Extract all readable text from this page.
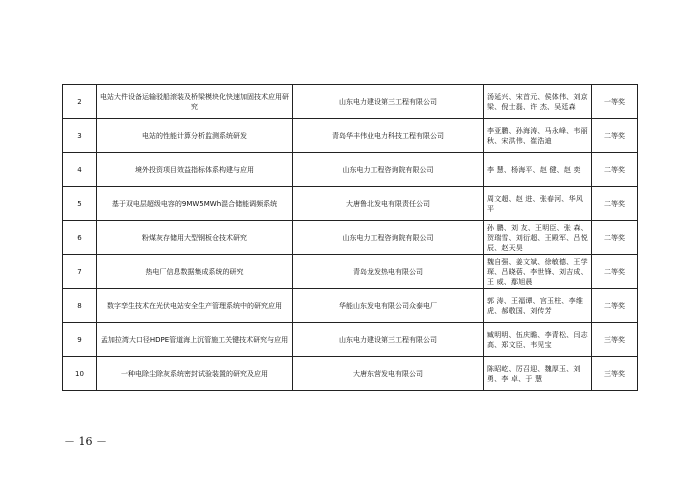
2	电站大件设备运输驳船滚装及桥梁模块化快速加固技术应用研究	山东电力建设第三工程有限公司	汤延兴、宋首元、侯体伟、刘京梁、倪士磊、许 杰、吴廷森	一等奖
3	电站的性能计算分析监测系统研发	青岛华丰伟业电力科技工程有限公司	李亚鹏、孙海涛、马永峰、韦丽秋、宋洪伟、崔浩迪	二等奖
4	境外投资项目效益指标体系构建与应用	山东电力工程咨询院有限公司	李 慧、杨海平、赵 健、赵 奕	二等奖
5	基于双电层超级电容的9MW5MWh混合储能调频系统	大唐鲁北发电有限责任公司	周文超、赵 进、张春河、华风平	二等奖
6	粉煤灰存储用大型钢板仓技术研究	山东电力工程咨询院有限公司	孙 鹏、刘 友、王明臣、张 森、贺瑞雪、刘衍超、王殿军、吕悦辰、赵天昊	二等奖
7	热电厂信息数据集成系统的研究	青岛龙发热电有限公司	魏自强、姜文斌、徐敏德、王学琛、吕晓蓓、李世锋、刘吉成、王 威、鄢旭晨	二等奖
8	数字孪生技术在光伏电站安全生产管理系统中的研究应用	华能山东发电有限公司众泰电厂	郭 涛、王福谭、宫玉柱、李维虎、郝敬国、刘传芳	二等奖
9	孟加拉湾大口径HDPE管道海上沉管施工关键技术研究与应用	山东电力建设第三工程有限公司	臧明明、伍庆瞻、李青松、闫志高、郑文臣、韦见宝	三等奖
10	一种电除尘除灰系统密封试验装置的研究及应用	大唐东营发电有限公司	陈昭屹、厉召迎、魏厚玉、刘 勇、李 卓、于 慧	三等奖
－ 16 －
